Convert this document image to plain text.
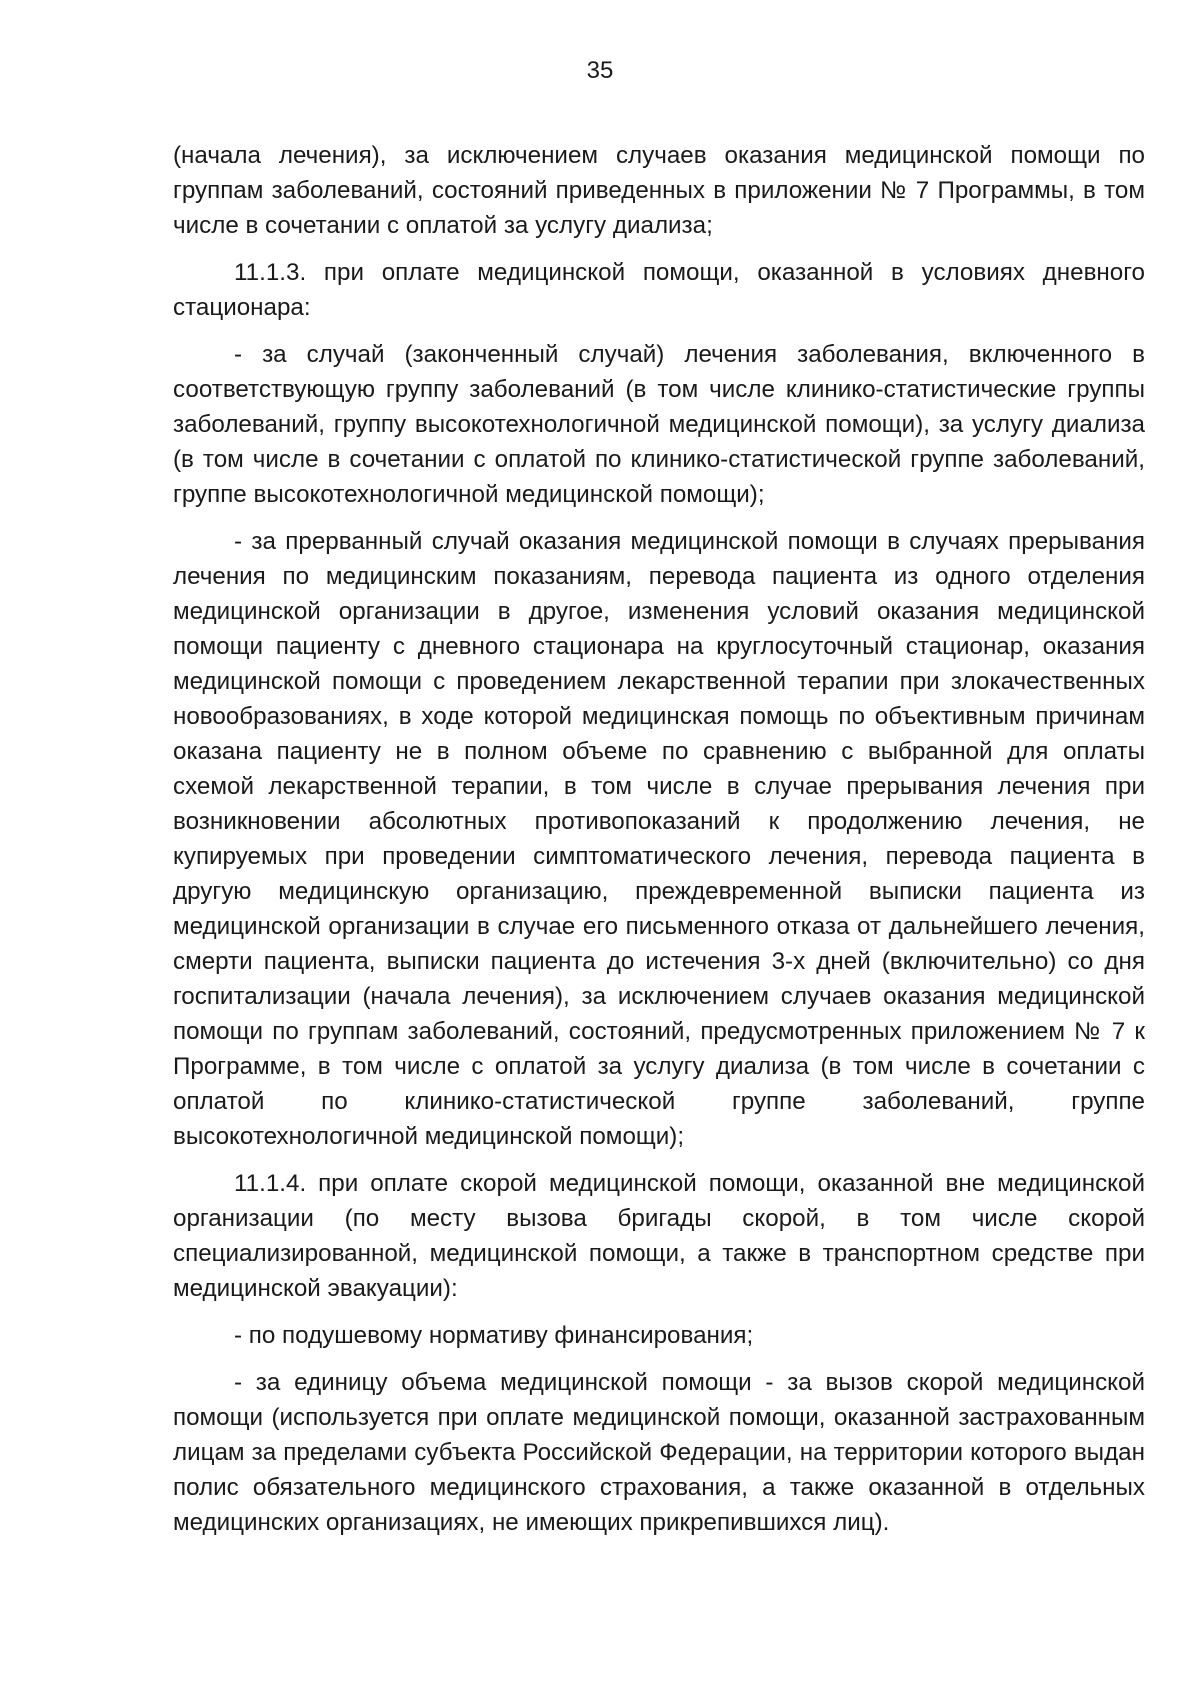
35

(начала лечения), за исключением случаев оказания медицинской помощи по группам заболеваний, состояний приведенных в приложении № 7 Программы, в том числе в сочетании с оплатой за услугу диализа;

11.1.3. при оплате медицинской помощи, оказанной в условиях дневного стационара:

- за случай (законченный случай) лечения заболевания, включенного в соответствующую группу заболеваний (в том числе клинико-статистические группы заболеваний, группу высокотехнологичной медицинской помощи), за услугу диализа (в том числе в сочетании с оплатой по клинико-статистической группе заболеваний, группе высокотехнологичной медицинской помощи);

- за прерванный случай оказания медицинской помощи в случаях прерывания лечения по медицинским показаниям, перевода пациента из одного отделения медицинской организации в другое, изменения условий оказания медицинской помощи пациенту с дневного стационара на круглосуточный стационар, оказания медицинской помощи с проведением лекарственной терапии при злокачественных новообразованиях, в ходе которой медицинская помощь по объективным причинам оказана пациенту не в полном объеме по сравнению с выбранной для оплаты схемой лекарственной терапии, в том числе в случае прерывания лечения при возникновении абсолютных противопоказаний к продолжению лечения, не купируемых при проведении симптоматического лечения, перевода пациента в другую медицинскую организацию, преждевременной выписки пациента из медицинской организации в случае его письменного отказа от дальнейшего лечения, смерти пациента, выписки пациента до истечения 3-х дней (включительно) со дня госпитализации (начала лечения), за исключением случаев оказания медицинской помощи по группам заболеваний, состояний, предусмотренных приложением № 7 к Программе, в том числе с оплатой за услугу диализа (в том числе в сочетании с оплатой по клинико-статистической группе заболеваний, группе высокотехнологичной медицинской помощи);

11.1.4. при оплате скорой медицинской помощи, оказанной вне медицинской организации (по месту вызова бригады скорой, в том числе скорой специализированной, медицинской помощи, а также в транспортном средстве при медицинской эвакуации):

- по подушевому нормативу финансирования;

- за единицу объема медицинской помощи - за вызов скорой медицинской помощи (используется при оплате медицинской помощи, оказанной застрахованным лицам за пределами субъекта Российской Федерации, на территории которого выдан полис обязательного медицинского страхования, а также оказанной в отдельных медицинских организациях, не имеющих прикрепившихся лиц).
